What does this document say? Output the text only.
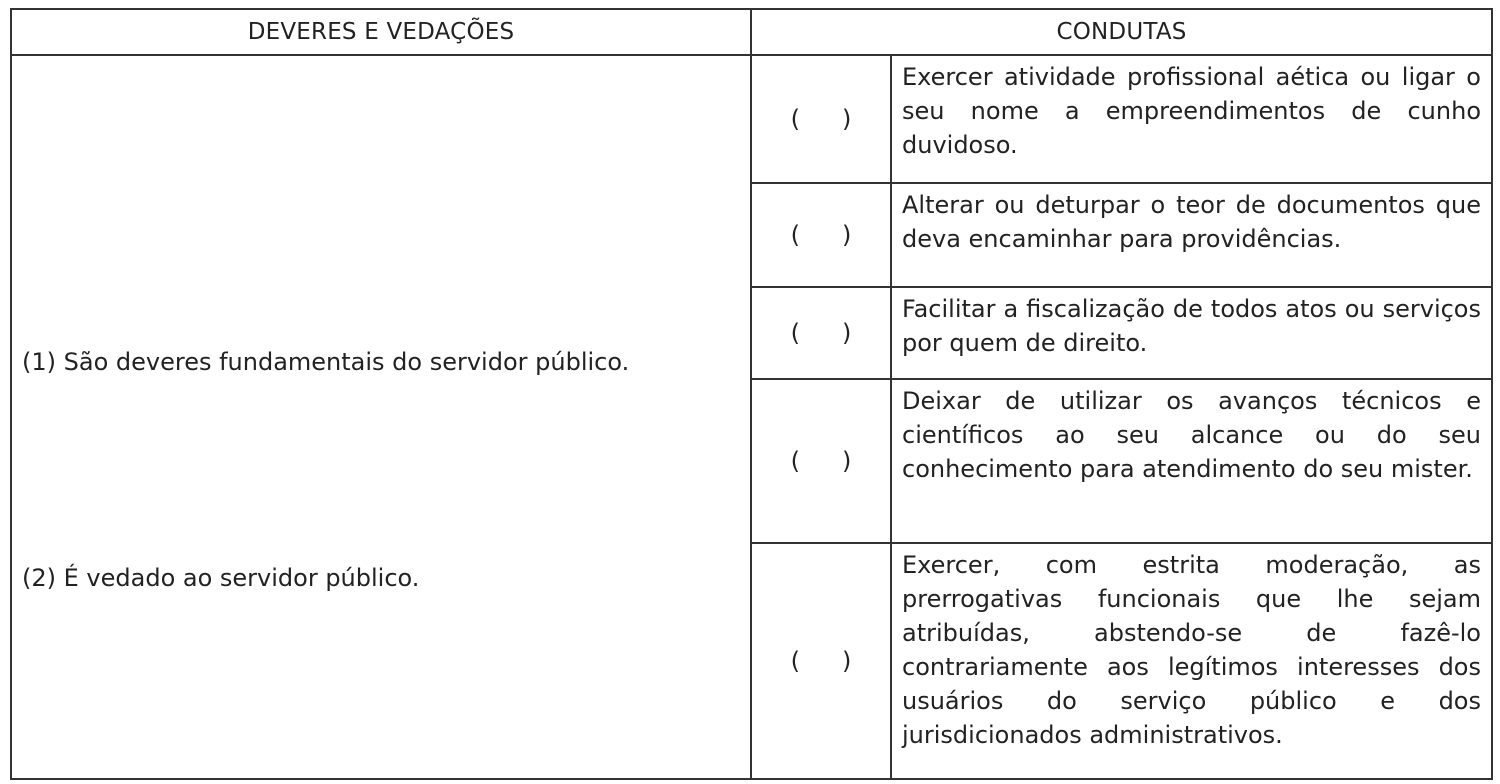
DEVERES E VEDAÇÕES	CONDUTAS
(1) São deveres fundamentais do servidor público.
(2) É vedado ao servidor público.
( )

Exercer atividade profissional aética ou ligar o seu nome a empreendimentos de cunho duvidoso.

( )

Alterar ou deturpar o teor de documentos que deva encaminhar para providências.

( )

Facilitar a fiscalização de todos atos ou serviços por quem de direito.

( )

Deixar de utilizar os avanços técnicos e científicos ao seu alcance ou do seu conhecimento para atendimento do seu mister.

( )

Exercer, com estrita moderação, as prerrogativas funcionais que lhe sejam atribuídas, abstendo-se de fazê-lo contrariamente aos legítimos interesses dos usuários do serviço público e dos jurisdicionados administrativos.
